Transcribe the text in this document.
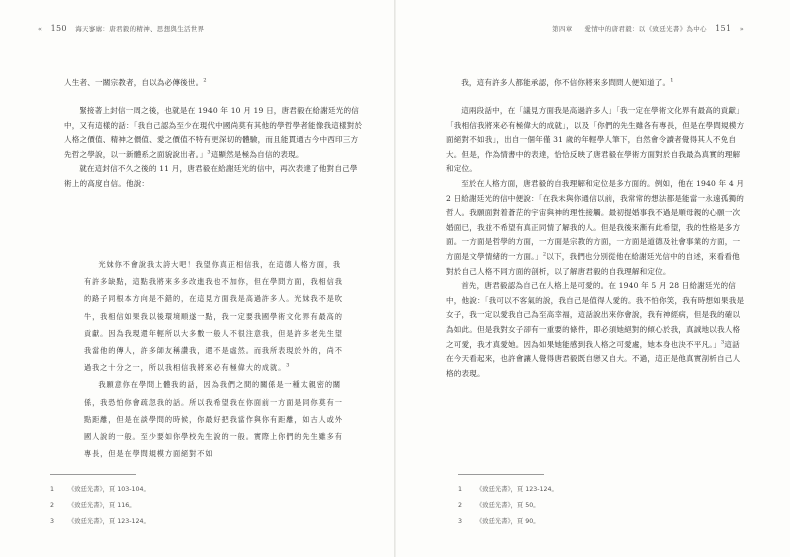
« 150 海天寥廓：唐君毅的精神、思想與生活世界

人生者、一關宗教者，自以為必傳後世。$^2$

緊接著上封信一周之後，也就是在 1940 年 10 月 19 日，唐君毅在給謝廷光的信中，又有這樣的話：「我自己認為至少在現代中國尚莫有其他的學哲學者能像我這樣對於人格之價值、精神之價值、愛之價值不特有更深切的體驗，而且能貫通古今中西印三方先哲之學說，以一新體系之面貌說出者。」$^3$這顯然是極為自信的表現。

就在這封信不久之後的 11 月，唐君毅在給謝廷光的信中，再次表達了他對自己學術上的高度自信。他說：

光妹你不會說我太誇大吧！我望你真正相信我，在這德人格方面，我有許多缺點，這點我將來多多改進我也不加你，但在學問方面，我相信我的路子同根本方向是不錯的，在這見方面我是高過許多人。光妹我不是吹牛，我相信如果我以後環境順遂一點，我一定要我國學術文化界有最高的貢獻。因為我現還年輕所以大多數一般人不很注意我，但是許多老先生望我當他的傳人，許多師友稱讚我，還不是虛然。而我所表現於外的，尚不過我之十分之一，所以我相信我將來必有極偉大的成就。$^3$

我願意你在學問上體我的話，因為我們之間的關係是一種太親密的關係，我恐怕你會疏忽我的話。所以我希望我在你面前一方面是同你莫有一點距離，但是在談學問的時候，你最好把我當作與你有距離，如古人或外國人說的一般。至少要如你學校先生說的一般。實際上你們的先生雖多有專長，但是在學問規模方面絕對不如

1 《致廷光書》，頁 103-104。
2 《致廷光書》，頁 116。
3 《致廷光書》，頁 123-124。
第四章 愛情中的唐君毅：以《致廷光書》為中心 151 »

我，這有許多人都能承認，你不信你將來多問問人便知道了。$^1$

這兩段話中，在「議見方面我是高過許多人」「我一定在學術文化界有最高的貢獻」「我相信我將來必有極偉大的成就」，以及「你們的先生雖各有專長，但是在學問規模方面絕對不如我」，出自一個年僅 31 歲的年輕學人筆下，自然會令讀者覺得其人不免自大。但是，作為情書中的表達，恰恰反映了唐君毅在學術方面對於自我最為真實的理解和定位。

至於在人格方面，唐君毅的自我理解和定位是多方面的。例如，他在 1940 年 4 月 2 日給謝廷光的信中便說：「在我未與你通信以前，我常常的想法都是能當一永遠孤獨的哲人。我願面對着蒼茫的宇宙與神的理性接觸。最初提婚事我不過是順母親的心願一次婚面已，我並不希望有真正同情了解我的人。但是我後來漸有此希望，我的性格是多方面。一方面是哲學的方面，一方面是宗教的方面，一方面是道德及社會事業的方面，一方面是文學情緒的一方面。」$^2$以下，我們也分別從他在給謝廷光信中的自述，來看看他對於自己人格不同方面的剖析，以了解唐君毅的自我理解和定位。

首先，唐君毅認為自己在人格上是可愛的。在 1940 年 5 月 28 日給謝廷光的信中，他說：「我可以不客氣的說，我自己是值得人愛的。我不怕你笑，我有時想如果我是女子，我一定以愛我自己為至高幸福，這話說出來你會說，我有神經病，但是我的確以為如此。但是我對女子卻有一重要的條件，即必須她絕對的傾心於我，真誠地以我人格之可愛，我才真愛她。因為如果她能感到我人格之可愛處，她本身也決不平凡。」$^3$這話在今天看起來，也許會讓人覺得唐君毅既自戀又自大。不過，這正是他真實剖析自己人格的表現。

1 《致廷光書》，頁 123-124。
2 《致廷光書》，頁 50。
3 《致廷光書》，頁 90。
